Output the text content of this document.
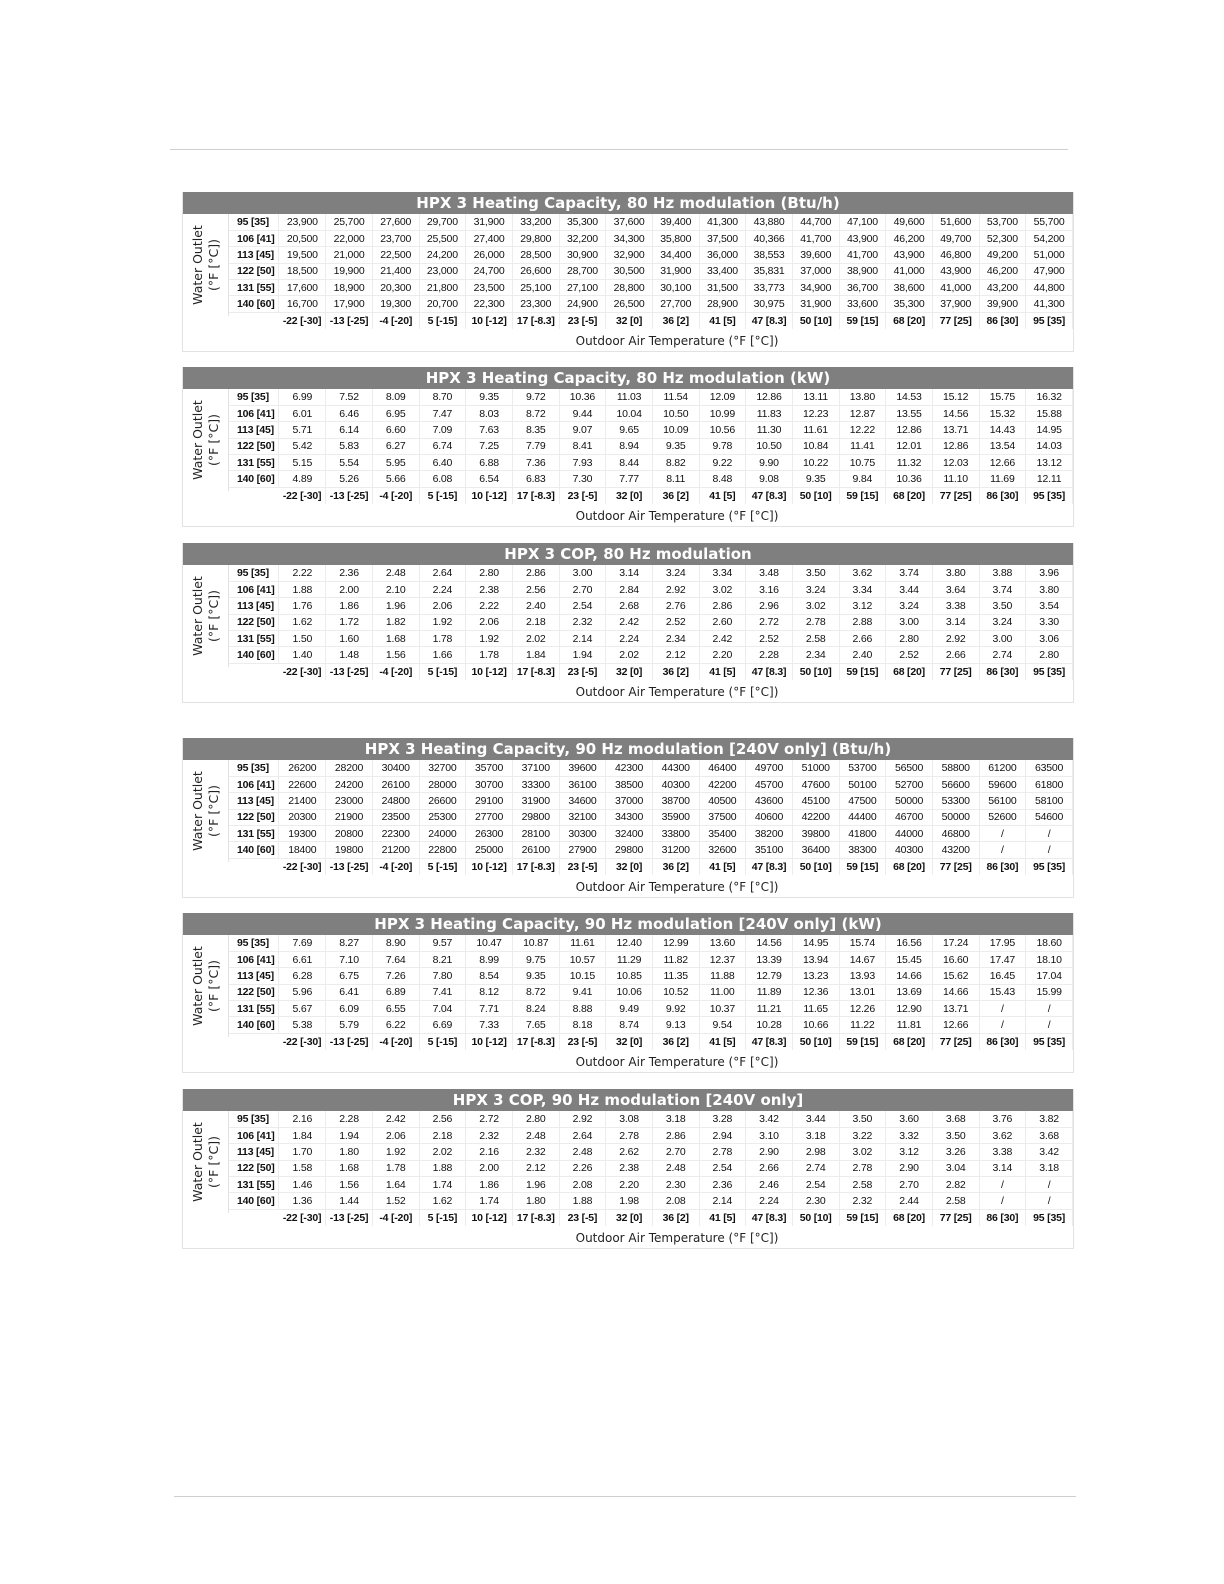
HPX 3 Heating Capacity, 80 Hz modulation (Btu/h)
Water Outlet (°F [°C])
95 [35]	23,900	25,700	27,600	29,700	31,900	33,200	35,300	37,600	39,400	41,300	43,880	44,700	47,100	49,600	51,600	53,700	55,700
106 [41]	20,500	22,000	23,700	25,500	27,400	29,800	32,200	34,300	35,800	37,500	40,366	41,700	43,900	46,200	49,700	52,300	54,200
113 [45]	19,500	21,000	22,500	24,200	26,000	28,500	30,900	32,900	34,400	36,000	38,553	39,600	41,700	43,900	46,800	49,200	51,000
122 [50]	18,500	19,900	21,400	23,000	24,700	26,600	28,700	30,500	31,900	33,400	35,831	37,000	38,900	41,000	43,900	46,200	47,900
131 [55]	17,600	18,900	20,300	21,800	23,500	25,100	27,100	28,800	30,100	31,500	33,773	34,900	36,700	38,600	41,000	43,200	44,800
140 [60]	16,700	17,900	19,300	20,700	22,300	23,300	24,900	26,500	27,700	28,900	30,975	31,900	33,600	35,300	37,900	39,900	41,300
	-22 [-30]	-13 [-25]	-4 [-20]	5 [-15]	10 [-12]	17 [-8.3]	23 [-5]	32 [0]	36 [2]	41 [5]	47 [8.3]	50 [10]	59 [15]	68 [20]	77 [25]	86 [30]	95 [35]
Outdoor Air Temperature (°F [°C])
HPX 3 Heating Capacity, 80 Hz modulation (kW)
Water Outlet (°F [°C])
95 [35]	6.99	7.52	8.09	8.70	9.35	9.72	10.36	11.03	11.54	12.09	12.86	13.11	13.80	14.53	15.12	15.75	16.32
106 [41]	6.01	6.46	6.95	7.47	8.03	8.72	9.44	10.04	10.50	10.99	11.83	12.23	12.87	13.55	14.56	15.32	15.88
113 [45]	5.71	6.14	6.60	7.09	7.63	8.35	9.07	9.65	10.09	10.56	11.30	11.61	12.22	12.86	13.71	14.43	14.95
122 [50]	5.42	5.83	6.27	6.74	7.25	7.79	8.41	8.94	9.35	9.78	10.50	10.84	11.41	12.01	12.86	13.54	14.03
131 [55]	5.15	5.54	5.95	6.40	6.88	7.36	7.93	8.44	8.82	9.22	9.90	10.22	10.75	11.32	12.03	12.66	13.12
140 [60]	4.89	5.26	5.66	6.08	6.54	6.83	7.30	7.77	8.11	8.48	9.08	9.35	9.84	10.36	11.10	11.69	12.11
	-22 [-30]	-13 [-25]	-4 [-20]	5 [-15]	10 [-12]	17 [-8.3]	23 [-5]	32 [0]	36 [2]	41 [5]	47 [8.3]	50 [10]	59 [15]	68 [20]	77 [25]	86 [30]	95 [35]
Outdoor Air Temperature (°F [°C])
HPX 3 COP, 80 Hz modulation
Water Outlet (°F [°C])
95 [35]	2.22	2.36	2.48	2.64	2.80	2.86	3.00	3.14	3.24	3.34	3.48	3.50	3.62	3.74	3.80	3.88	3.96
106 [41]	1.88	2.00	2.10	2.24	2.38	2.56	2.70	2.84	2.92	3.02	3.16	3.24	3.34	3.44	3.64	3.74	3.80
113 [45]	1.76	1.86	1.96	2.06	2.22	2.40	2.54	2.68	2.76	2.86	2.96	3.02	3.12	3.24	3.38	3.50	3.54
122 [50]	1.62	1.72	1.82	1.92	2.06	2.18	2.32	2.42	2.52	2.60	2.72	2.78	2.88	3.00	3.14	3.24	3.30
131 [55]	1.50	1.60	1.68	1.78	1.92	2.02	2.14	2.24	2.34	2.42	2.52	2.58	2.66	2.80	2.92	3.00	3.06
140 [60]	1.40	1.48	1.56	1.66	1.78	1.84	1.94	2.02	2.12	2.20	2.28	2.34	2.40	2.52	2.66	2.74	2.80
	-22 [-30]	-13 [-25]	-4 [-20]	5 [-15]	10 [-12]	17 [-8.3]	23 [-5]	32 [0]	36 [2]	41 [5]	47 [8.3]	50 [10]	59 [15]	68 [20]	77 [25]	86 [30]	95 [35]
Outdoor Air Temperature (°F [°C])
HPX 3 Heating Capacity, 90 Hz modulation [240V only] (Btu/h)
Water Outlet (°F [°C])
95 [35]	26200	28200	30400	32700	35700	37100	39600	42300	44300	46400	49700	51000	53700	56500	58800	61200	63500
106 [41]	22600	24200	26100	28000	30700	33300	36100	38500	40300	42200	45700	47600	50100	52700	56600	59600	61800
113 [45]	21400	23000	24800	26600	29100	31900	34600	37000	38700	40500	43600	45100	47500	50000	53300	56100	58100
122 [50]	20300	21900	23500	25300	27700	29800	32100	34300	35900	37500	40600	42200	44400	46700	50000	52600	54600
131 [55]	19300	20800	22300	24000	26300	28100	30300	32400	33800	35400	38200	39800	41800	44000	46800	/	/
140 [60]	18400	19800	21200	22800	25000	26100	27900	29800	31200	32600	35100	36400	38300	40300	43200	/	/
	-22 [-30]	-13 [-25]	-4 [-20]	5 [-15]	10 [-12]	17 [-8.3]	23 [-5]	32 [0]	36 [2]	41 [5]	47 [8.3]	50 [10]	59 [15]	68 [20]	77 [25]	86 [30]	95 [35]
Outdoor Air Temperature (°F [°C])
HPX 3 Heating Capacity, 90 Hz modulation [240V only] (kW)
Water Outlet (°F [°C])
95 [35]	7.69	8.27	8.90	9.57	10.47	10.87	11.61	12.40	12.99	13.60	14.56	14.95	15.74	16.56	17.24	17.95	18.60
106 [41]	6.61	7.10	7.64	8.21	8.99	9.75	10.57	11.29	11.82	12.37	13.39	13.94	14.67	15.45	16.60	17.47	18.10
113 [45]	6.28	6.75	7.26	7.80	8.54	9.35	10.15	10.85	11.35	11.88	12.79	13.23	13.93	14.66	15.62	16.45	17.04
122 [50]	5.96	6.41	6.89	7.41	8.12	8.72	9.41	10.06	10.52	11.00	11.89	12.36	13.01	13.69	14.66	15.43	15.99
131 [55]	5.67	6.09	6.55	7.04	7.71	8.24	8.88	9.49	9.92	10.37	11.21	11.65	12.26	12.90	13.71	/	/
140 [60]	5.38	5.79	6.22	6.69	7.33	7.65	8.18	8.74	9.13	9.54	10.28	10.66	11.22	11.81	12.66	/	/
	-22 [-30]	-13 [-25]	-4 [-20]	5 [-15]	10 [-12]	17 [-8.3]	23 [-5]	32 [0]	36 [2]	41 [5]	47 [8.3]	50 [10]	59 [15]	68 [20]	77 [25]	86 [30]	95 [35]
Outdoor Air Temperature (°F [°C])
HPX 3 COP, 90 Hz modulation [240V only]
Water Outlet (°F [°C])
95 [35]	2.16	2.28	2.42	2.56	2.72	2.80	2.92	3.08	3.18	3.28	3.42	3.44	3.50	3.60	3.68	3.76	3.82
106 [41]	1.84	1.94	2.06	2.18	2.32	2.48	2.64	2.78	2.86	2.94	3.10	3.18	3.22	3.32	3.50	3.62	3.68
113 [45]	1.70	1.80	1.92	2.02	2.16	2.32	2.48	2.62	2.70	2.78	2.90	2.98	3.02	3.12	3.26	3.38	3.42
122 [50]	1.58	1.68	1.78	1.88	2.00	2.12	2.26	2.38	2.48	2.54	2.66	2.74	2.78	2.90	3.04	3.14	3.18
131 [55]	1.46	1.56	1.64	1.74	1.86	1.96	2.08	2.20	2.30	2.36	2.46	2.54	2.58	2.70	2.82	/	/
140 [60]	1.36	1.44	1.52	1.62	1.74	1.80	1.88	1.98	2.08	2.14	2.24	2.30	2.32	2.44	2.58	/	/
	-22 [-30]	-13 [-25]	-4 [-20]	5 [-15]	10 [-12]	17 [-8.3]	23 [-5]	32 [0]	36 [2]	41 [5]	47 [8.3]	50 [10]	59 [15]	68 [20]	77 [25]	86 [30]	95 [35]
Outdoor Air Temperature (°F [°C])
